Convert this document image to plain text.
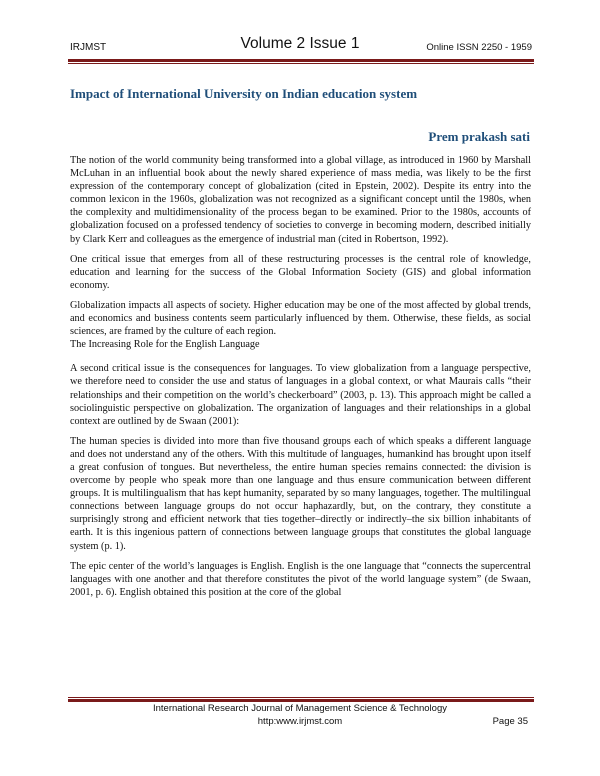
IRJMST	Volume 2 Issue 1	Online ISSN 2250 - 1959
Impact of International University on Indian education system
Prem prakash sati

The notion of the world community being transformed into a global village, as introduced in 1960 by Marshall McLuhan in an influential book about the newly shared experience of mass media, was likely to be the first expression of the contemporary concept of globalization (cited in Epstein, 2002). Despite its entry into the common lexicon in the 1960s, globalization was not recognized as a significant concept until the 1980s, when the complexity and multidimensionality of the process began to be examined. Prior to the 1980s, accounts of globalization focused on a professed tendency of societies to converge in becoming modern, described initially by Clark Kerr and colleagues as the emergence of industrial man (cited in Robertson, 1992).

One critical issue that emerges from all of these restructuring processes is the central role of knowledge, education and learning for the success of the Global Information Society (GIS) and global information economy.

Globalization impacts all aspects of society. Higher education may be one of the most affected by global trends, and economics and business contents seem particularly influenced by them. Otherwise, these fields, as social sciences, are framed by the culture of each region.

The Increasing Role for the English Language

A second critical issue is the consequences for languages. To view globalization from a language perspective, we therefore need to consider the use and status of languages in a global context, or what Maurais calls “their relationships and their competition on the world’s checkerboard” (2003, p. 13). This approach might be called a sociolinguistic perspective on globalization. The organization of languages and their relationships in a global context are outlined by de Swaan (2001):

The human species is divided into more than five thousand groups each of which speaks a different language and does not understand any of the others. With this multitude of languages, humankind has brought upon itself a great confusion of tongues. But nevertheless, the entire human species remains connected: the division is overcome by people who speak more than one language and thus ensure communication between different groups. It is multilingualism that has kept humanity, separated by so many languages, together. The multilingual connections between language groups do not occur haphazardly, but, on the contrary, they constitute a surprisingly strong and efficient network that ties together–directly or indirectly–the six billion inhabitants of earth. It is this ingenious pattern of connections between language groups that constitutes the global language system (p. 1).

The epic center of the world’s languages is English. English is the one language that “connects the supercentral languages with one another and that therefore constitutes the pivot of the world language system” (de Swaan, 2001, p. 6). English obtained this position at the core of the global

International Research Journal of Management Science & Technology
http:www.irjmst.com	Page 35
